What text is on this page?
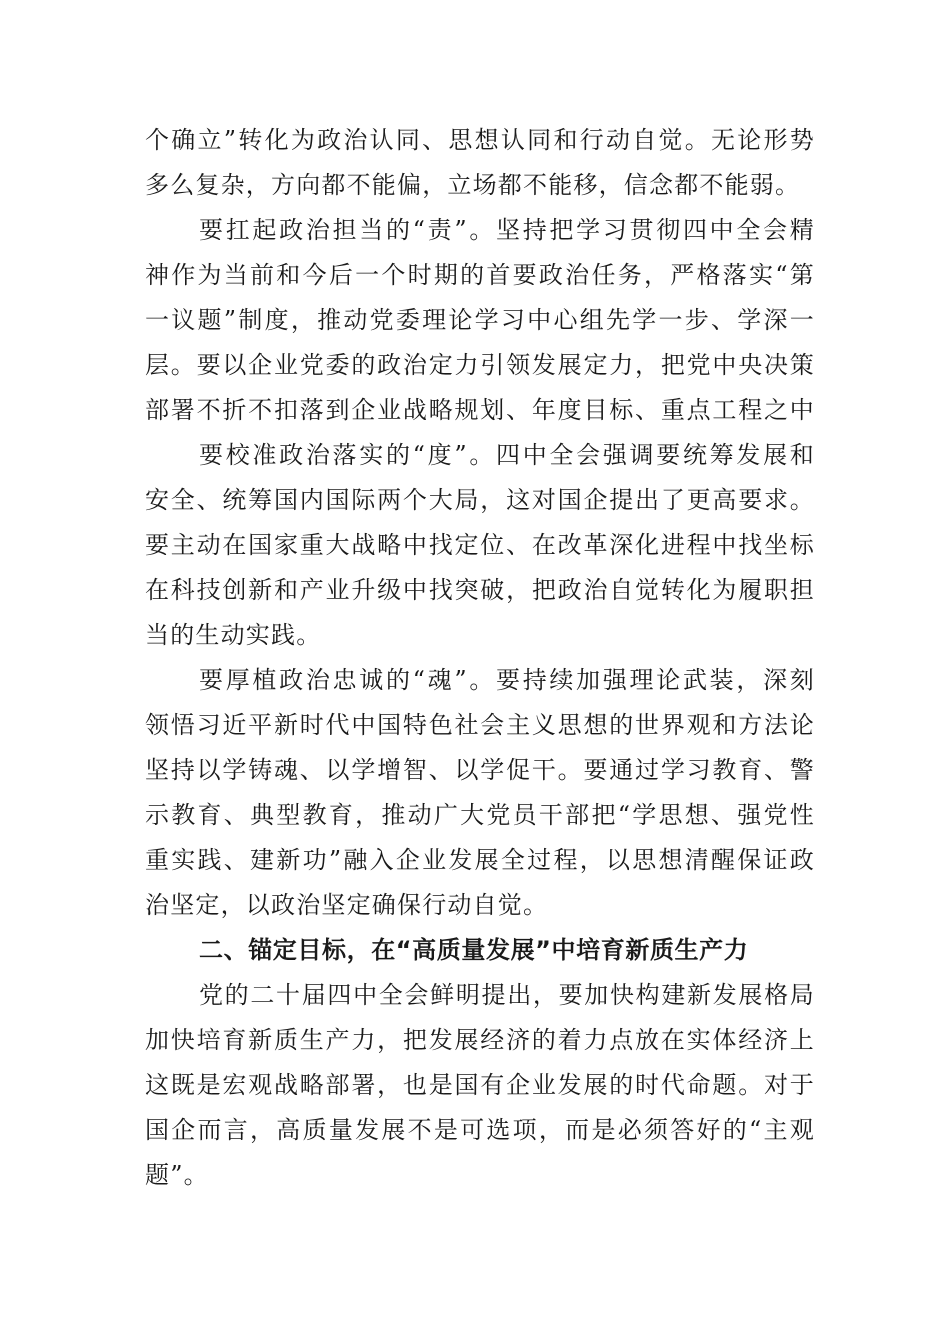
个确立”转化为政治认同、思想认同和行动自觉。无论形势
多么复杂，方向都不能偏，立场都不能移，信念都不能弱。
要扛起政治担当的“责”。坚持把学习贯彻四中全会精
神作为当前和今后一个时期的首要政治任务，严格落实“第
一议题”制度，推动党委理论学习中心组先学一步、学深一
层。要以企业党委的政治定力引领发展定力，把党中央决策
部署不折不扣落到企业战略规划、年度目标、重点工程之中
要校准政治落实的“度”。四中全会强调要统筹发展和
安全、统筹国内国际两个大局，这对国企提出了更高要求。
要主动在国家重大战略中找定位、在改革深化进程中找坐标
在科技创新和产业升级中找突破，把政治自觉转化为履职担
当的生动实践。
要厚植政治忠诚的“魂”。要持续加强理论武装，深刻
领悟习近平新时代中国特色社会主义思想的世界观和方法论
坚持以学铸魂、以学增智、以学促干。要通过学习教育、警
示教育、典型教育，推动广大党员干部把“学思想、强党性
重实践、建新功”融入企业发展全过程，以思想清醒保证政
治坚定，以政治坚定确保行动自觉。
二、锚定目标，在“高质量发展”中培育新质生产力
党的二十届四中全会鲜明提出，要加快构建新发展格局
加快培育新质生产力，把发展经济的着力点放在实体经济上
这既是宏观战略部署，也是国有企业发展的时代命题。对于
国企而言，高质量发展不是可选项，而是必须答好的“主观
题”。
